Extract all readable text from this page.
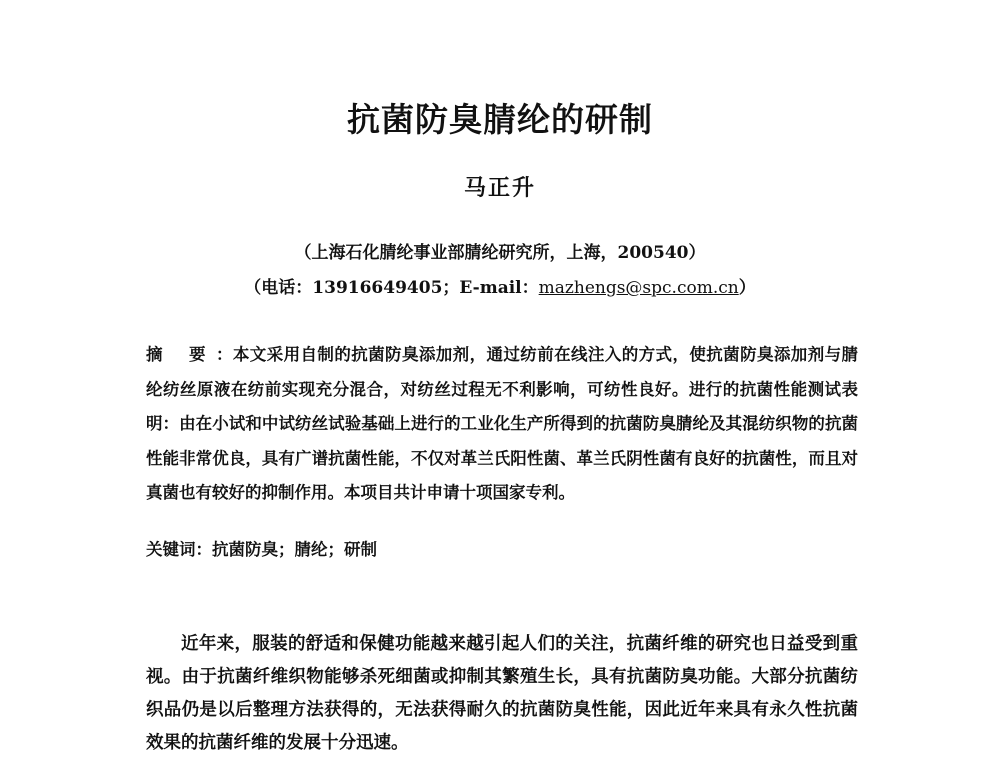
抗菌防臭腈纶的研制
马正升
（上海石化腈纶事业部腈纶研究所，上海，200540）
（电话：13916649405；E-mail：mazhengs@spc.com.cn）

摘 要：本文采用自制的抗菌防臭添加剂，通过纺前在线注入的方式，使抗菌防臭添加剂与腈纶纺丝原液在纺前实现充分混合，对纺丝过程无不利影响，可纺性良好。进行的抗菌性能测试表明：由在小试和中试纺丝试验基础上进行的工业化生产所得到的抗菌防臭腈纶及其混纺织物的抗菌性能非常优良，具有广谱抗菌性能，不仅对革兰氏阳性菌、革兰氏阴性菌有良好的抗菌性，而且对真菌也有较好的抑制作用。本项目共计申请十项国家专利。

关键词：抗菌防臭；腈纶；研制

近年来，服装的舒适和保健功能越来越引起人们的关注，抗菌纤维的研究也日益受到重视。由于抗菌纤维织物能够杀死细菌或抑制其繁殖生长，具有抗菌防臭功能。大部分抗菌纺织品仍是以后整理方法获得的，无法获得耐久的抗菌防臭性能，因此近年来具有永久性抗菌效果的抗菌纤维的发展十分迅速。
